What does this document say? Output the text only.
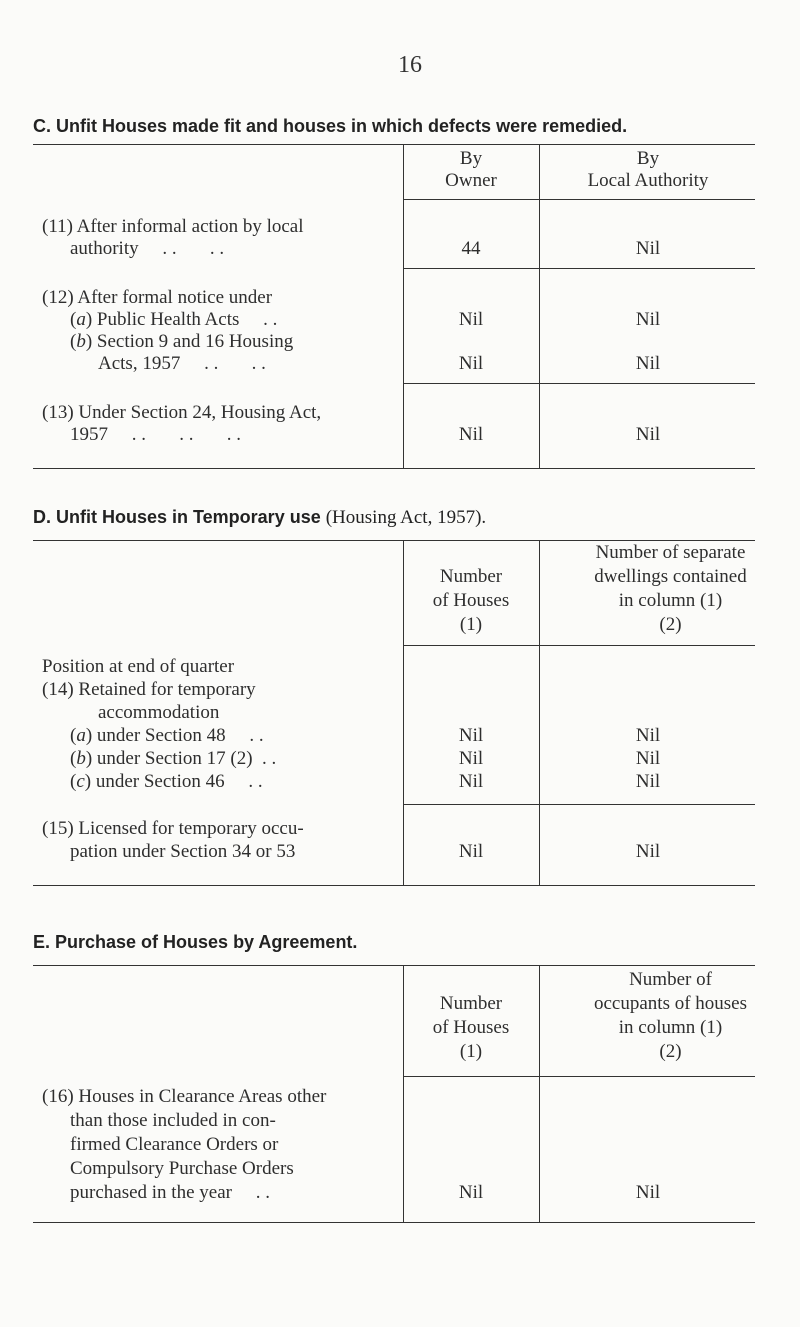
16
C. Unfit Houses made fit and houses in which defects were remedied.
By
Owner
By
Local Authority
(11) After informal action by local
authority     . .       . .	44	Nil
(12) After formal notice under
(a) Public Health Acts     . .	Nil	Nil
(b) Section 9 and 16 Housing
Acts, 1957     . .       . .	Nil	Nil
(13) Under Section 24, Housing Act,
1957     . .       . .       . .	Nil	Nil
D. Unfit Houses in Temporary use (Housing Act, 1957).
Number
of Houses
(1)
Number of separate
dwellings contained
in column (1)
(2)
Position at end of quarter
(14) Retained for temporary
accommodation
(a) under Section 48     . .	Nil	Nil
(b) under Section 17 (2)  . .	Nil	Nil
(c) under Section 46     . .	Nil	Nil
(15) Licensed for temporary occu-
pation under Section 34 or 53	Nil	Nil
E. Purchase of Houses by Agreement.
Number
of Houses
(1)
Number of
occupants of houses
in column (1)
(2)
(16) Houses in Clearance Areas other
than those included in con-
firmed Clearance Orders or
Compulsory Purchase Orders
purchased in the year     . .	Nil	Nil
